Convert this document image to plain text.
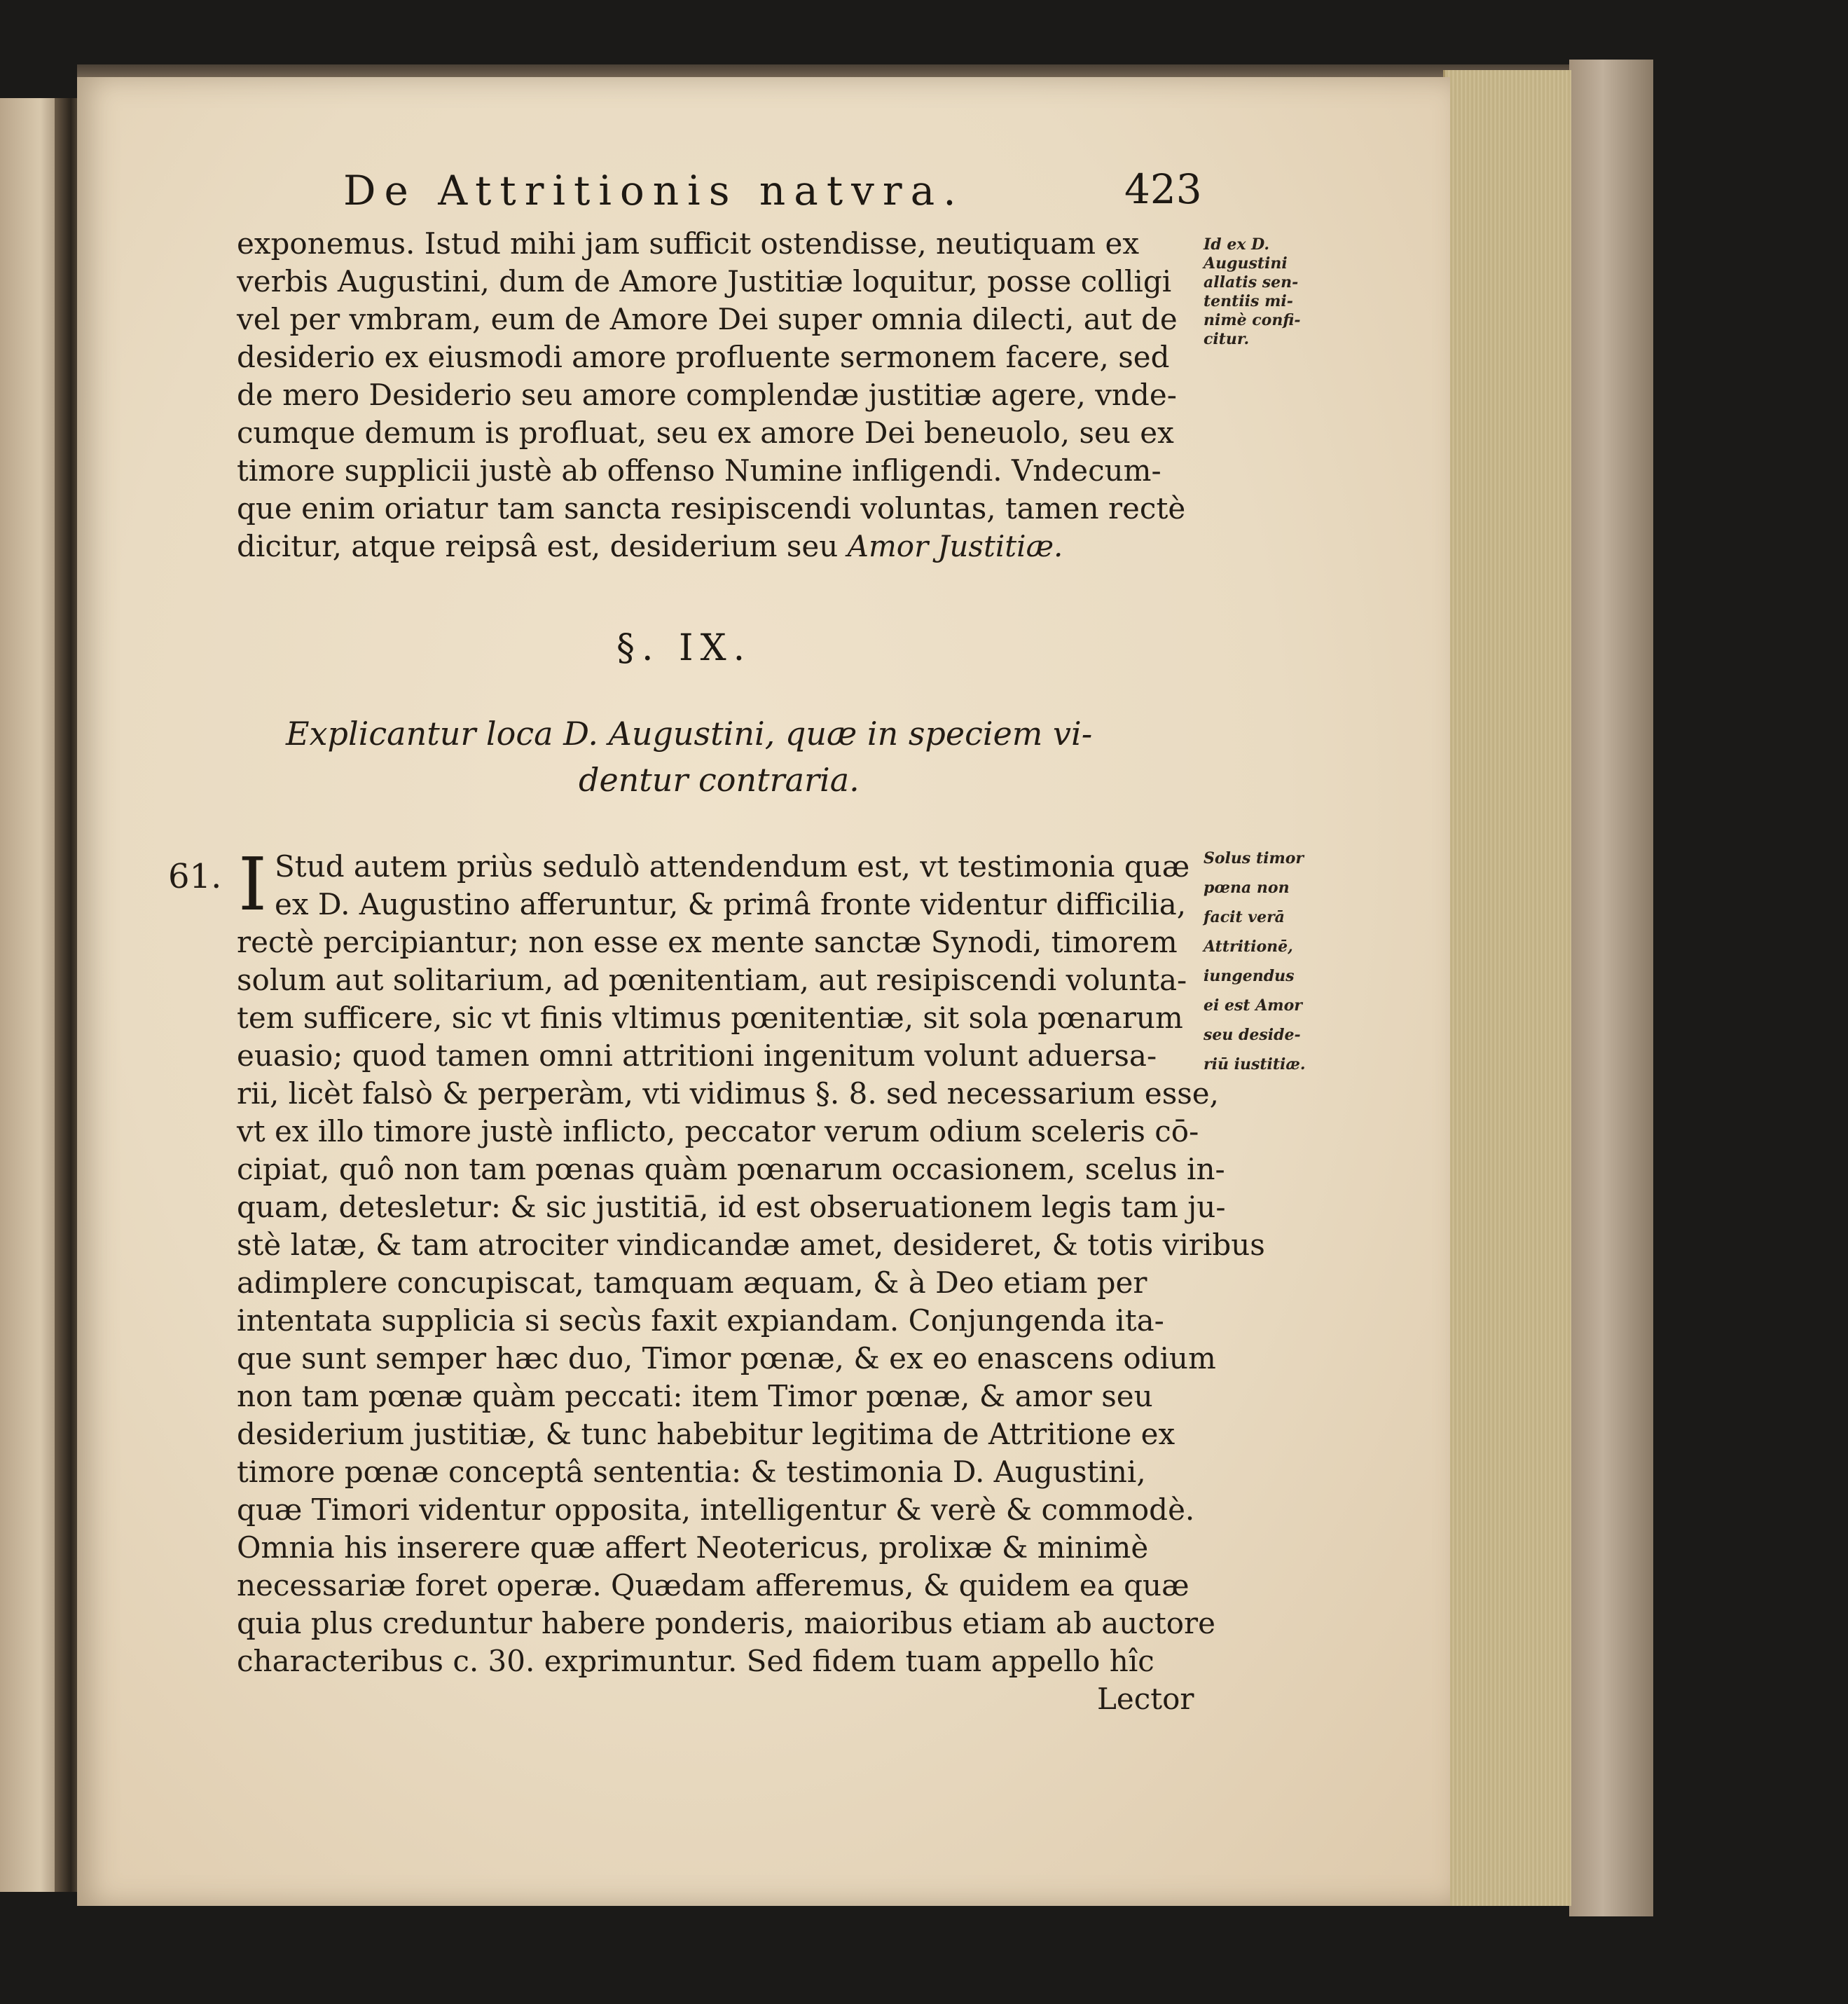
De Attritionis natvra.	423
exponemus. Istud mihi jam sufficit ostendisse, neutiquam ex
verbis Augustini, dum de Amore Justitiæ loquitur, posse colligi
vel per vmbram, eum de Amore Dei super omnia dilecti, aut de
desiderio ex eiusmodi amore profluente sermonem facere, sed
de mero Desiderio seu amore complendæ justitiæ agere, vnde-
cumque demum is profluat, seu ex amore Dei beneuolo, seu ex
timore supplicii justè ab offenso Numine infligendi. Vndecum-
que enim oriatur tam sancta resipiscendi voluntas, tamen rectè
dicitur, atque reipsâ est, desiderium seu Amor Justitiæ.
Id ex D.
Augustini
allatis sen-
tentiis mi-
nimè confi-
citur.
§. IX.
Explicantur loca D. Augustini, quæ in speciem vi-
dentur contraria.
61. I Stud autem priùs sedulò attendendum est, vt testimonia quæ
ex D. Augustino afferuntur, & primâ fronte videntur difficilia,
rectè percipiantur; non esse ex mente sanctæ Synodi, timorem
solum aut solitarium, ad pœnitentiam, aut resipiscendi volunta-
tem sufficere, sic vt finis vltimus pœnitentiæ, sit sola pœnarum
euasio; quod tamen omni attritioni ingenitum volunt aduersa-
rii, licèt falsò & perperàm, vti vidimus §. 8. sed necessarium esse,
vt ex illo timore justè inflicto, peccator verum odium sceleris cō-
cipiat, quô non tam pœnas quàm pœnarum occasionem, scelus in-
quam, detesletur: & sic justitiā, id est obseruationem legis tam ju-
stè latæ, & tam atrociter vindicandæ amet, desideret, & totis viribus
adimplere concupiscat, tamquam æquam, & à Deo etiam per
intentata supplicia si secùs faxit expiandam. Conjungenda ita-
que sunt semper hæc duo, Timor pœnæ, & ex eo enascens odium
non tam pœnæ quàm peccati: item Timor pœnæ, & amor seu
desiderium justitiæ, & tunc habebitur legitima de Attritione ex
timore pœnæ conceptâ sententia: & testimonia D. Augustini,
quæ Timori videntur opposita, intelligentur & verè & commodè.
Omnia his inserere quæ affert Neotericus, prolixæ & minimè
necessariæ foret operæ. Quædam afferemus, & quidem ea quæ
quia plus creduntur habere ponderis, maioribus etiam ab auctore
characteribus c. 30. exprimuntur. Sed fidem tuam appello hîc
Lector
Solus timor
pœna non
facit verā
Attritionē,
iungendus
ei est Amor
seu deside-
riū iustitiæ.
